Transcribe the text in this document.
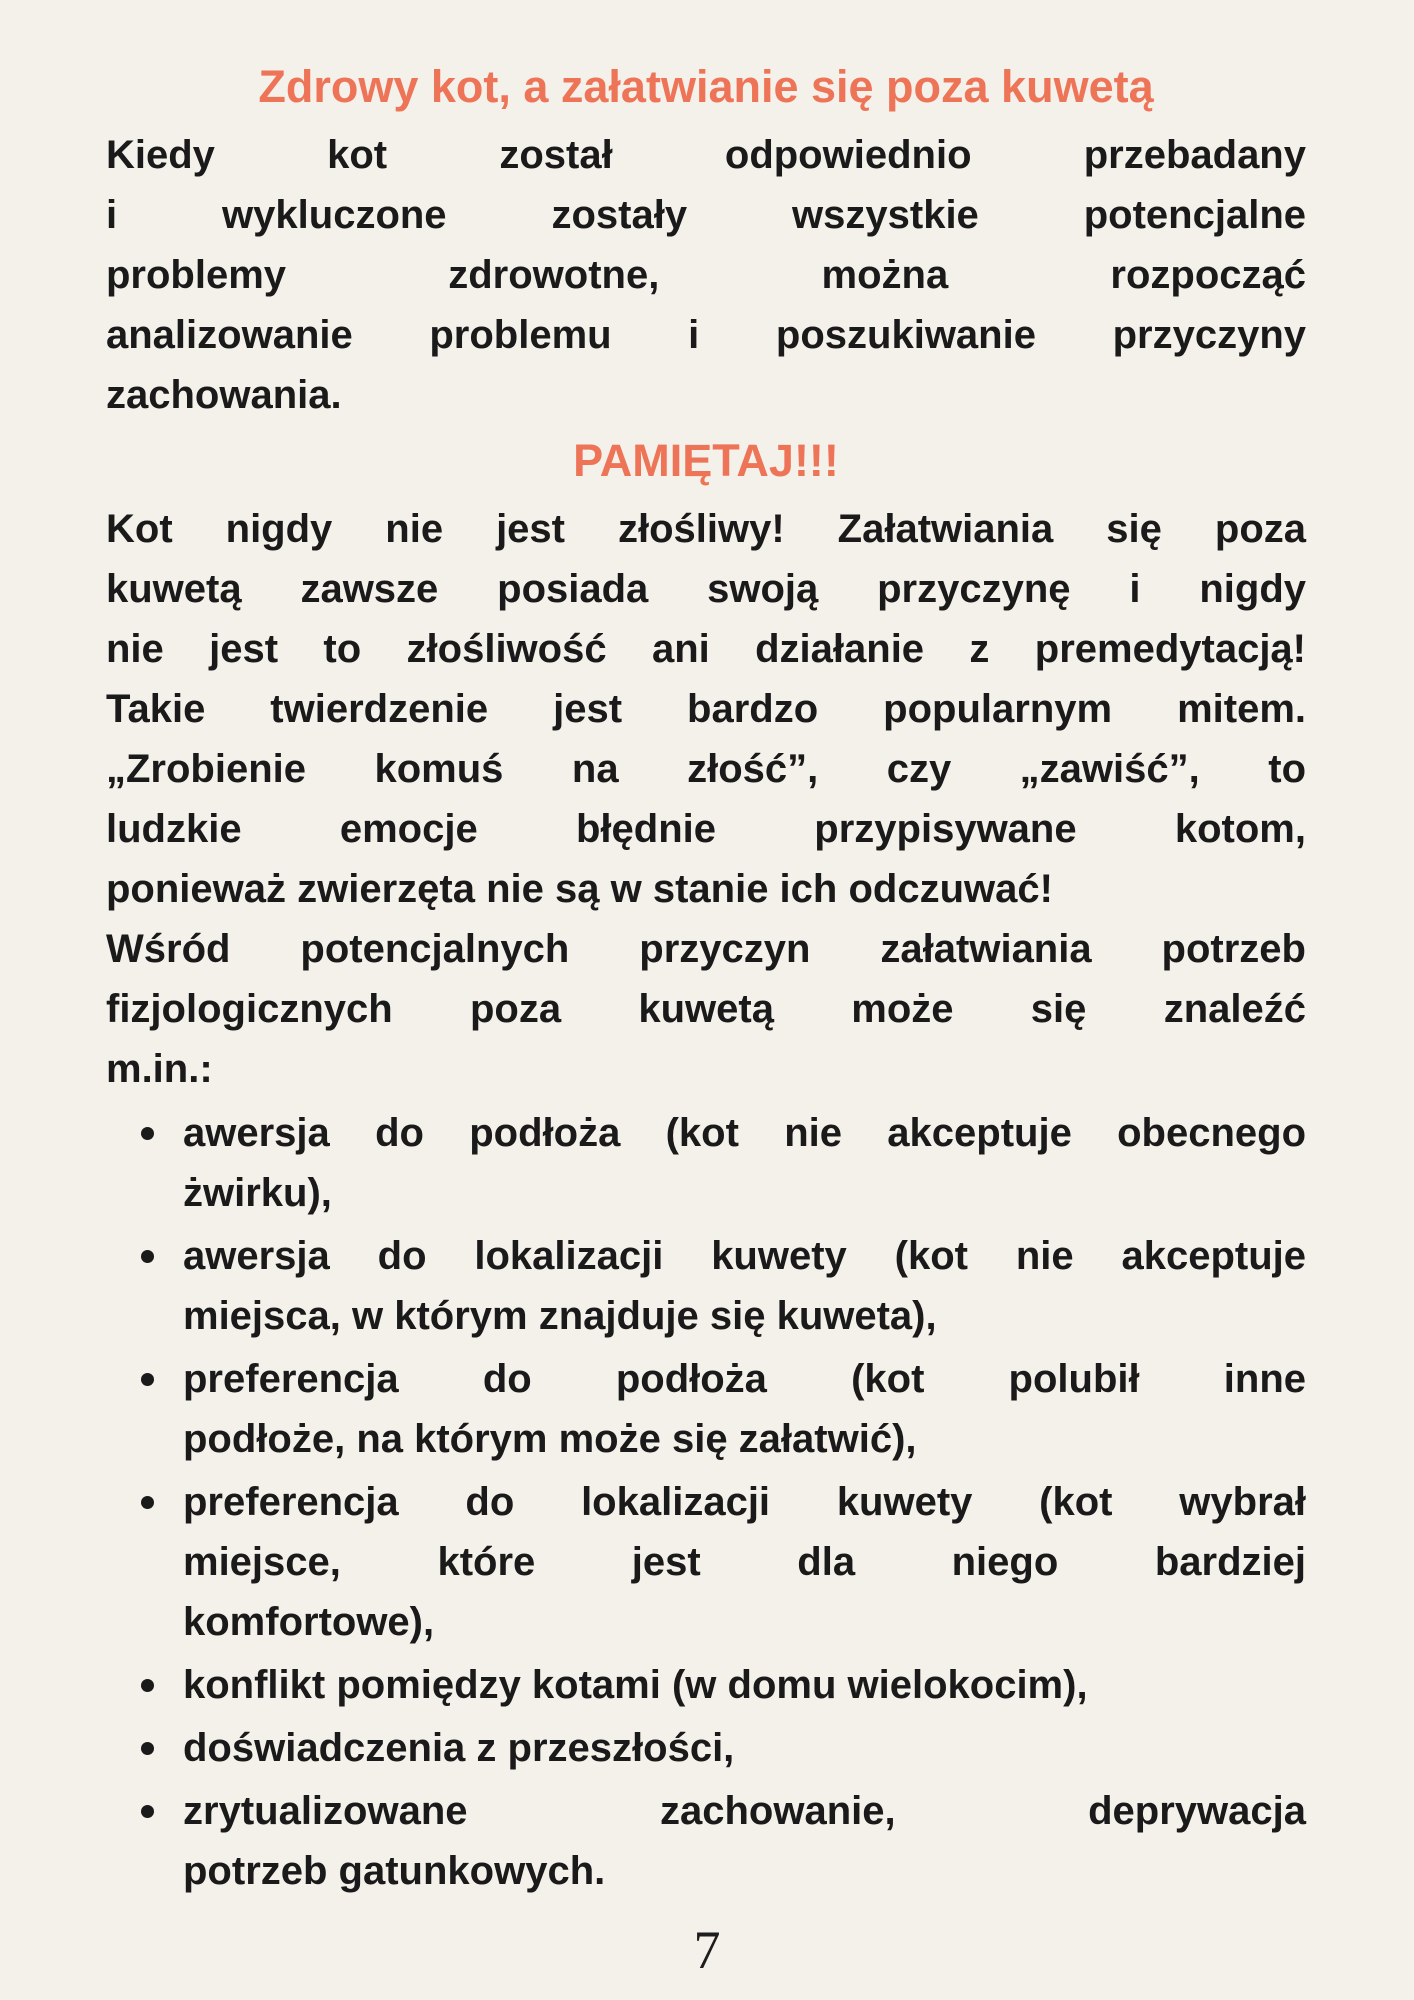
Zdrowy kot, a załatwianie się poza kuwetą
Kiedy kot został odpowiednio przebadany
i wykluczone zostały wszystkie potencjalne
problemy zdrowotne, można rozpocząć
analizowanie problemu i poszukiwanie przyczyny
zachowania.
PAMIĘTAJ!!!
Kot nigdy nie jest złośliwy! Załatwiania się poza
kuwetą zawsze posiada swoją przyczynę i nigdy
nie jest to złośliwość ani działanie z premedytacją!
Takie twierdzenie jest bardzo popularnym mitem.
„Zrobienie komuś na złość”, czy „zawiść”, to
ludzkie emocje błędnie przypisywane kotom,
ponieważ zwierzęta nie są w stanie ich odczuwać!
Wśród potencjalnych przyczyn załatwiania potrzeb
fizjologicznych poza kuwetą może się znaleźć
m.in.:
awersja do podłoża (kot nie akceptuje obecnego
żwirku),
awersja do lokalizacji kuwety (kot nie akceptuje
miejsca, w którym znajduje się kuweta),
preferencja do podłoża (kot polubił inne
podłoże, na którym może się załatwić),
preferencja do lokalizacji kuwety (kot wybrał
miejsce, które jest dla niego bardziej
komfortowe),
konflikt pomiędzy kotami (w domu wielokocim),
doświadczenia z przeszłości,
zrytualizowane zachowanie, deprywacja
potrzeb gatunkowych.
7
